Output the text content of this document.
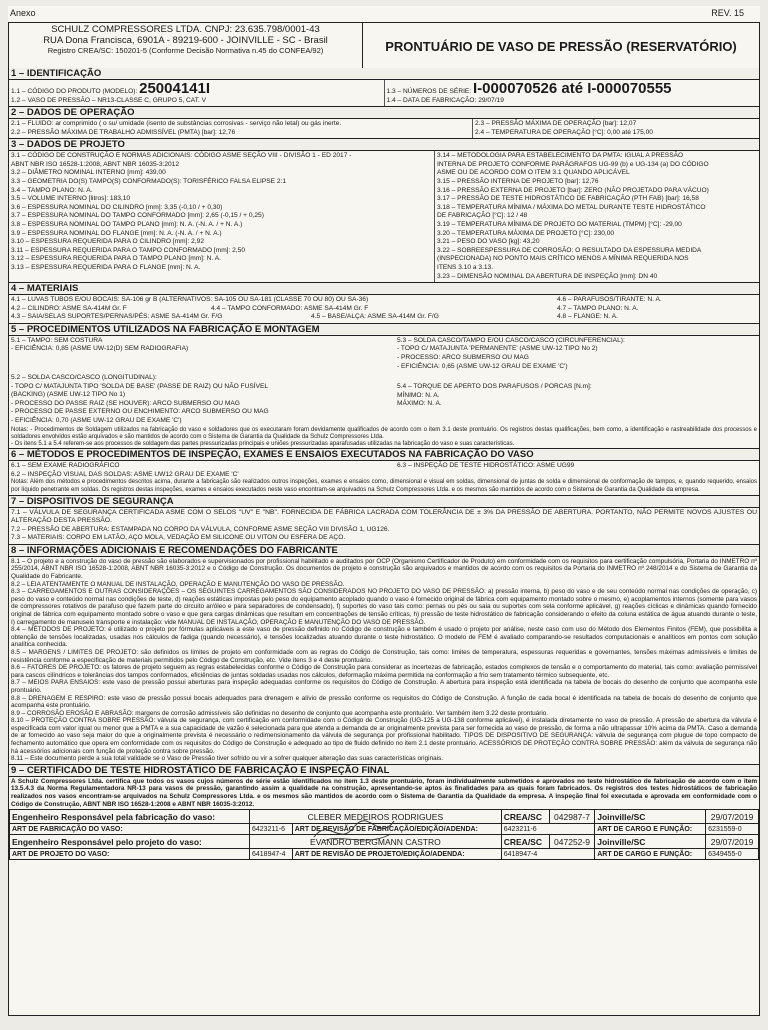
Anexo	REV. 15
SCHULZ COMPRESSORES LTDA. CNPJ: 23.635.798/0001-43
RUA Dona Francisca, 6901A - 89219-600 - JOINVILLE - SC - Brasil
Registro CREA/SC: 150201-5 (Conforme Decisão Normativa n.45 do CONFEA/92)	PRONTUÁRIO DE VASO DE PRESSÃO (RESERVATÓRIO)
1 – IDENTIFICAÇÃO
1.1 – CÓDIGO DO PRODUTO (MODELO): 25004141I
1.2 – VASO DE PRESSÃO – NR13-CLASSE C, GRUPO 5, CAT. V
1.3 – NÚMEROS DE SÉRIE: I-000070526 até I-000070555
1.4 – DATA DE FABRICAÇÃO: 29/07/19
2 – DADOS DE OPERAÇÃO
2.1 – FLUIDO: ar comprimido ( o su/ umidade (isento de substâncias corrosivas - serviço não letal) ou gás inerte.
2.2 – PRESSÃO MÁXIMA DE TRABALHO ADMISSÍVEL (PMTA) [bar]: 12,76
2.3 – PRESSÃO MÁXIMA DE OPERAÇÃO [bar]: 12,07
2.4 – TEMPERATURA DE OPERAÇÃO [°C]: 0,00 até 175,00
3 – DADOS DE PROJETO
3.1 – CÓDIGO DE CONSTRUÇÃO E NORMAS ADICIONAIS: CÓDIGO ASME SEÇÃO VIII - DIVISÃO 1 - ED 2017 -
ABNT NBR ISO 16528-1:2008, ABNT NBR 16035-3:2012
3.2 – DIÂMETRO NOMINAL INTERNO [mm]: 439,00
3.3 – GEOMETRIA DO(S) TAMPO(S) CONFORMADO(S): TORISFÉRICO FALSA ELIPSE 2:1
3.4 – TAMPO PLANO: N. A.
3.5 – VOLUME INTERNO [litros]: 183,10
3.6 – ESPESSURA NOMINAL DO CILINDRO [mm]: 3,35 (-0,10 / + 0,30)
3.7 – ESPESSURA NOMINAL DO TAMPO CONFORMADO [mm]: 2,65 (-0,15 / + 0,25)
3.8 – ESPESSURA NOMINAL DO TAMPO PLANO [mm]: N. A. (-N. A. / + N. A.)
3.9 – ESPESSURA NOMINAL DO FLANGE [mm]: N. A. (-N. A. / + N. A.)
3.10 – ESPESSURA REQUERIDA PARA O CILINDRO [mm]: 2,92
3.11 – ESPESSURA REQUERIDA PARA O TAMPO CONFORMADO [mm]: 2,50
3.12 – ESPESSURA REQUERIDA PARA O TAMPO PLANO [mm]: N. A.
3.13 – ESPESSURA REQUERIDA PARA O FLANGE [mm]: N. A.
3.14 – METODOLOGIA PARA ESTABELECIMENTO DA PMTA: IGUAL A PRESSÃO
INTERNA DE PROJETO CONFORME PARÁGRAFOS UG-99 (b) e UG-134 (a) DO CÓDIGO
ASME OU DE ACORDO COM O ITEM 3.1 QUANDO APLICÁVEL
3.15 – PRESSÃO INTERNA DE PROJETO [bar]: 12,76
3.16 – PRESSÃO EXTERNA DE PROJETO [bar]: ZERO (NÃO PROJETADO PARA VÁCUO)
3.17 – PRESSÃO DE TESTE HIDROSTÁTICO DE FABRICAÇÃO (PTH FAB) [bar]: 16,58
3.18 – TEMPERATURA MÍNIMA / MÁXIMA DO METAL DURANTE TESTE HIDROSTÁTICO
DE FABRICAÇÃO [°C]: 12 / 48
3.19 – TEMPERATURA MÍNIMA DE PROJETO DO MATERIAL (TMPM) [°C]: -29,00
3.20 – TEMPERATURA MÁXIMA DE PROJETO [°C]: 230,00
3.21 – PESO DO VASO [kg]: 43,20
3.22 – SOBREESPESSURA DE CORROSÃO: O RESULTADO DA ESPESSURA MEDIDA
(INSPECIONADA) NO PONTO MAIS CRÍTICO MENOS A MÍNIMA REQUERIDA NOS
ITENS 3.10 a 3.13.
3.23 – DIMENSÃO NOMINAL DA ABERTURA DE INSPEÇÃO [mm]: DN 40
4 – MATERIAIS
4.1 – LUVAS TUBOS E/OU BOCAIS: SA-106 gr B (ALTERNATIVOS: SA-105 OU SA-181 (CLASSE 70 OU 80) OU SA-36)	4.6 – PARAFUSOS/TIRANTE: N. A.
4.2 – CILINDRO: ASME SA-414M Gr. F	4.4 – TAMPO CONFORMADO: ASME SA-414M Gr. F	4.7 – TAMPO PLANO: N. A.
4.3 – SAIA/SELAS SUPORTES/PERNAS/PÉS: ASME SA-414M Gr. F/G	4.5 – BASE/ALÇA: ASME SA-414M Gr. F/G	4.8 – FLANGE: N. A.
5 – PROCEDIMENTOS UTILIZADOS NA FABRICAÇÃO E MONTAGEM
5.1 – TAMPO: SEM COSTURA
- EFICIÊNCIA: 0,85 (ASME UW-12(D) SEM RADIOGRAFIA)
5.2 – SOLDA CASCO/CASCO (LONGITUDINAL):
- TOPO C/ MATAJUNTA TIPO 'SOLDA DE BASE' (PASSE DE RAIZ) OU NÃO FUSÍVEL
(BACKING) (ASME UW-12 TIPO No 1)
- PROCESSO DO PASSE RAIZ (SE HOUVER): ARCO SUBMERSO OU MAG
- PROCESSO DE PASSE EXTERNO OU ENCHIMENTO: ARCO SUBMERSO OU MAG
- EFICIÊNCIA: 0,70 (ASME UW-12 GRAU DE EXAME 'C')
5.3 – SOLDA CASCO/TAMPO E/OU CASCO/CASCO (CIRCUNFERENCIAL):
- TOPO C/ MATAJUNTA 'PERMANENTE' (ASME UW-12 TIPO No 2)
- PROCESSO: ARCO SUBMERSO OU MAG
- EFICIÊNCIA: 0,65 (ASME UW-12 GRAU DE EXAME 'C')
5.4 – TORQUE DE APERTO DOS PARAFUSOS / PORCAS [N.m]:
MÍNIMO: N. A.
MÁXIMO: N. A.
Notas: - Procedimentos de Soldagem utilizados na fabricação do vaso e soldadores que os executaram foram devidamente qualificados de acordo com o item 3.1 deste prontuário. Os registros destas qualificações, bem como, a identificação e rastreabilidade dos processos e soldadores envolvidos estão arquivados e são mantidos de acordo com o Sistema de Garantia da Qualidade da Schulz Compressores Ltda.
- Os itens 5.1 a 5.4 referem-se aos processos de soldagem das partes pressurizadas principais e uniões pressurizadas aparafusadas utilizadas na fabricação do vaso e suas características.
6 – MÉTODOS E PROCEDIMENTOS DE INSPEÇÃO, EXAMES E ENSAIOS EXECUTADOS NA FABRICAÇÃO DO VASO
6.1 – SEM EXAME RADIOGRÁFICO	6.3 – INSPEÇÃO DE TESTE HIDROSTÁTICO: ASME UG99
6.2 – INSPEÇÃO VISUAL DAS SOLDAS: ASME UW12 GRAU DE EXAME 'C'
Notas: Além dos métodos e procedimentos descritos acima, durante a fabricação são realizados outros inspeções, exames e ensaios como, dimensional e visual em soldas, dimensional de juntas de solda e dimensional de conformação de tampos, e, quando requerido, ensaios por líquido penetrante em soldas. Os registros destas inspeções, exames e ensaios executados neste vaso encontram-se arquivados na Schulz Compressores Ltda. e os mesmos são mantidos de acordo com o Sistema de Garantia da Qualidade da empresa.
7 – DISPOSITIVOS DE SEGURANÇA
7.1 – VÁLVULA DE SEGURANÇA CERTIFICADA ASME COM O SELOS "UV" E "NB". FORNECIDA DE FÁBRICA LACRADA COM TOLERÂNCIA DE ± 3% DA PRESSÃO DE ABERTURA. PORTANTO, NÃO PERMITE NOVOS AJUSTES OU ALTERAÇÃO DESTA PRESSÃO.
7.2 – PRESSÃO DE ABERTURA: ESTAMPADA NO CORPO DA VÁLVULA, CONFORME ASME SEÇÃO VIII DIVISÃO 1, UG126.
7.3 – MATERIAIS: CORPO EM LATÃO, AÇO MOLA, VEDAÇÃO EM SILICONE OU VITON OU ESFERA DE AÇO.
8 – INFORMAÇÕES ADICIONAIS E RECOMENDAÇÕES DO FABRICANTE
8.1 – O projeto e a construção do vaso de pressão são elaborados e supervisionados por profissional habilitado e auditados por OCP (Organismo Certificador de Produto) em conformidade com os requisitos para certificação compulsória, Portaria do INMETRO nº 255/2014, ABNT NBR ISO 16528-1:2008, ABNT NBR 16035-3:2012 e o Código de Construção. Os documentos de projeto e construção são arquivados e mantidos de acordo com os requisitos da Portaria do INMETRO nº 248/2014 e do Sistema de Garantia da Qualidade do Fabricante.
8.2 – LEIA ATENTAMENTE O MANUAL DE INSTALAÇÃO, OPERAÇÃO E MANUTENÇÃO DO VASO DE PRESSÃO.
8.3 – CARREGAMENTOS E OUTRAS CONSIDERAÇÕES – OS SEGUINTES CARREGAMENTOS SÃO CONSIDERADOS NO PROJETO DO VASO DE PRESSÃO: a) pressão interna, b) peso do vaso e de seu conteúdo normal nas condições de operação, c) peso do vaso e conteúdo normal nas condições de teste, d) reações estáticas impostas pelo peso do equipamento acoplado quando o vaso é fornecido original de fábrica com equipamento montado sobre o mesmo, e) acoplamentos internos (somente para vasos de compressores rotativos de parafuso que fazem parte do circuito ar/óleo e para separadores de condensado), f) suportes do vaso tais como: pernas ou pés ou saia ou suportes com sela conforme aplicável, g) reações cíclicas e dinâmicas quando fornecido original de fábrica com equipamento montado sobre o vaso e que gera cargas dinâmicas que resultam em concentrações de tensão críticas, h) pressão de teste hidrostático de fabricação considerando o efeito da coluna estática de água atuando durante o teste, I) carregamento de manuseio transporte e instalação: vide MANUAL DE INSTALAÇÃO, OPERAÇÃO E MANUTENÇÃO DO VASO DE PRESSÃO.
8.4 – MÉTODOS DE PROJETO: é utilizado o projeto por fórmulas aplicáveis a este vaso de pressão definido no Código de construção e também é usado o projeto por análise, neste caso com uso do Método dos Elementos Finitos (FEM), que possibilita a obtenção de tensões localizadas, usadas nos cálculos de fadiga (quando necessário), e tensões localizadas atuando durante o teste hidrostático. O modelo de FEM é avaliado comparando-se resultados computacionais e analíticos em pontos com solução analítica conhecida.
8.5 – MARGENS / LIMITES DE PROJETO: são definidos os limites de projeto em conformidade com as regras do Código de Construção, tais como: limites de temperatura, espessuras requeridas e governantes, tensões máximas admissíveis e limites de resistência conforme a especificação de materiais permitidos pelo Código de Construção, etc. Vide itens 3 e 4 deste prontuário.
8.6 – FATORES DE PROJETO: os fatores de projeto seguem as regras estabelecidas conforme o Código de Construção para considerar as incertezas de fabricação, estados complexos de tensão e o comportamento do material, tais como: avaliação permissível para cascos cilíndricos e tolerâncias dos tampos conformados, eficiências de juntas soldadas usadas nos cálculos, deformação máxima permitida na conformação a frio sem tratamento térmico subsequente, etc.
8.7 – MEIOS PARA ENSAIOS: este vaso de pressão possui aberturas para inspeção adequadas conforme os requisitos do Código de Construção. A abertura para inspeção está identificada na tabela de bocais do desenho de conjunto que acompanha este prontuário.
8.8 – DRENAGEM E RESPIRO: este vaso de pressão possui bocais adequados para drenagem e alívio de pressão conforme os requisitos do Código de Construção. A função de cada bocal é identificada na tabela de bocais do desenho de conjunto que acompanha este prontuário.
8.9 – CORROSÃO EROSÃO E ABRASÃO: margens de corrosão admissíveis são definidas no desenho de conjunto que acompanha este prontuário. Ver também item 3.22 deste prontuário.
8.10 – PROTEÇÃO CONTRA SOBRE PRESSÃO: válvula de segurança, com certificação em conformidade com o Código de Construção (UG-125 a UG-138 conforme aplicável), é instalada diretamente no vaso de pressão. A pressão de abertura da válvula é especificada com valor igual ou menor que a PMTA e a sua capacidade de vazão é selecionada para que atenda a demanda de ar originalmente prevista para ser fornecida ao vaso de pressão, de forma a não ultrapassar 10% acima da PMTA. Caso a demanda de ar fornecido ao vaso seja maior do que a originalmente prevista é necessário o redimensionamento da válvula de segurança por profissional habilitado. TIPOS DE DISPOSITIVO DE SEGURANÇA: válvula de segurança com plugue de topo compacto de fechamento automático que opera em conformidade com os requisitos do Código de Construção e adequado ao tipo de fluido definido no item 2.1 deste prontuário. ACESSÓRIOS DE PROTEÇÃO CONTRA SOBRE PRESSÃO: além da válvula de segurança não há acessórios adicionais com função de proteção contra sobre pressão.
8.11 – Este documento perde a sua total validade se o Vaso de Pressão tiver sofrido ou vir a sofrer qualquer alteração das suas características originais.
9 – CERTIFICADO DE TESTE HIDROSTÁTICO DE FABRICAÇÃO E INSPEÇÃO FINAL
A Schulz Compressores Ltda. certifica que todos os vasos cujos números de série estão identificados no item 1.3 deste prontuário, foram individualmente submetidos e aprovados no teste hidrostático de fabricação de acordo com o item 13.5.4.3 da Norma Regulamentadora NR-13 para vasos de pressão, garantindo assim a qualidade na construção, apresentando-se aptos às finalidades para as quais foram fabricados. Os registros dos testes hidrostáticos de fabricação realizados nos vasos encontram-se arquivados na Schulz Compressores Ltda. e os mesmos são mantidos de acordo com o Sistema de Garantia da Qualidade da empresa. A inspeção final foi executada e aprovada em conformidade com o Código de Construção, ABNT NBR ISO 16528-1:2008 e ABNT NBR 16035-3:2012.
Engenheiro Responsável pela fabricação do vaso:	CLEBER MEDEIROS RODRIGUES		CREA/SC	042987-7	Joinville/SC	29/07/2019
ART DE FABRICAÇÃO DO VASO:	6423211-6	ART DE REVISÃO DE FABRICAÇÃO/EDIÇÃO/ADENDA:	6423211-6		ART DE CARGO E FUNÇÃO:	6231559-0
Engenheiro Responsável pelo projeto do vaso:	EVANDRO BERGMANN CASTRO		CREA/SC	047252-9	Joinville/SC	29/07/2019
ART DE PROJETO DO VASO:	6418947-4	ART DE REVISÃO DE PROJETO/EDIÇÃO/ADENDA:	6418947-4		ART DE CARGO E FUNÇÃO:	6349455-0
